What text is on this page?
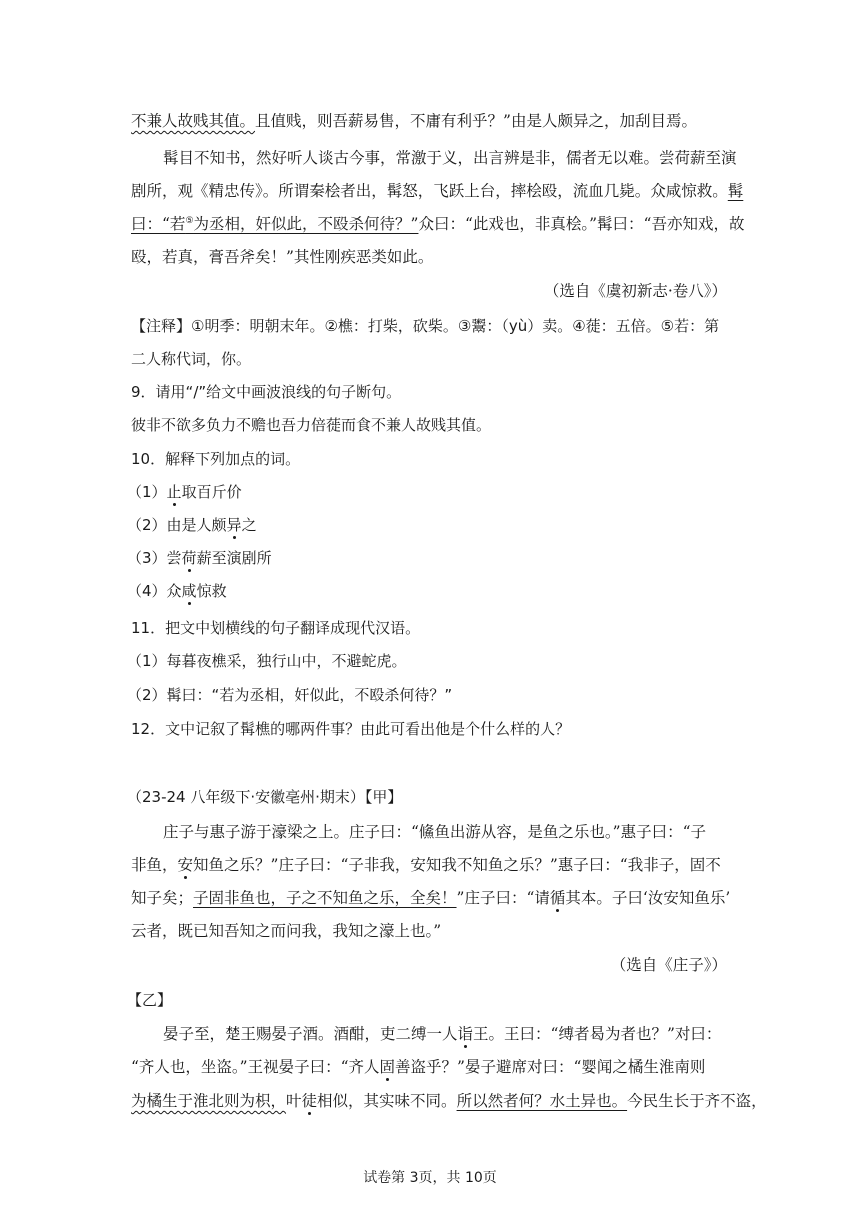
不兼人故贱其值。且值贱，则吾薪易售，不庸有利乎？”由是人颇异之，加刮目焉。
髯目不知书，然好听人谈古今事，常激于义，出言辨是非，儒者无以难。尝荷薪至演
剧所，观《精忠传》。所谓秦桧者出，髯怒，飞跃上台，摔桧殴，流血几毙。众咸惊救。髯
曰：“若⑤为丞相，奸似此，不殴杀何待？”众曰：“此戏也，非真桧。”髯曰：“吾亦知戏，故
殴，若真，膏吾斧矣！”其性刚疾恶类如此。
（选自《虞初新志·卷八》）
【注释】①明季：明朝末年。②樵：打柴，砍柴。③鬻：（yù）卖。④蓰：五倍。⑤若：第
二人称代词，你。
9．请用“/”给文中画波浪线的句子断句。
彼非不欲多负力不赡也吾力倍蓰而食不兼人故贱其值。
10．解释下列加点的词。
（1）止取百斤价
（2）由是人颇异之
（3）尝荷薪至演剧所
（4）众咸惊救
11．把文中划横线的句子翻译成现代汉语。
（1）每暮夜樵采，独行山中，不避蛇虎。
（2）髯曰：“若为丞相，奸似此，不殴杀何待？”
12．文中记叙了髯樵的哪两件事？由此可看出他是个什么样的人？
（23-24 八年级下·安徽亳州·期末）【甲】
庄子与惠子游于濠梁之上。庄子曰：“鯈鱼出游从容，是鱼之乐也。”惠子曰：“子
非鱼，安知鱼之乐？”庄子曰：“子非我，安知我不知鱼之乐？”惠子曰：“我非子，固不
知子矣；子固非鱼也，子之不知鱼之乐，全矣！”庄子曰：“请循其本。子曰‘汝安知鱼乐’
云者，既已知吾知之而问我，我知之濠上也。”
（选自《庄子》）
【乙】
晏子至，楚王赐晏子酒。酒酣，吏二缚一人诣王。王曰：“缚者曷为者也？”对曰：
“齐人也，坐盗。”王视晏子曰：“齐人固善盗乎？”晏子避席对曰：“婴闻之橘生淮南则
为橘生于淮北则为枳，叶徒相似，其实味不同。所以然者何？水土异也。今民生长于齐不盗，
试卷第 3页，共 10页
